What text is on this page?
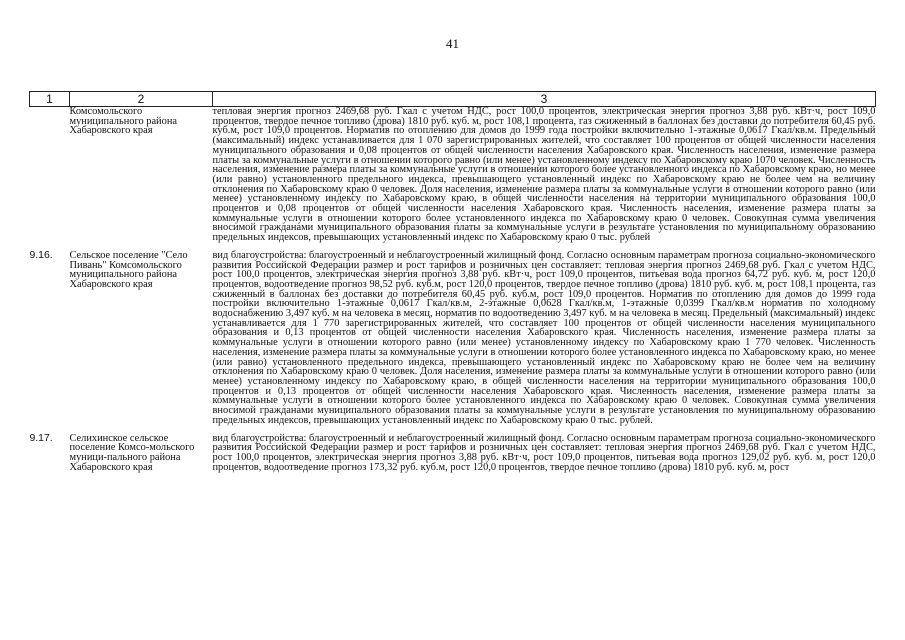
41
1	2	3
	Комсомольского муниципального района Хабаровского края	тепловая энергия прогноз 2469,68 руб. Гкал с учетом НДС, рост 100,0 процентов, электрическая энергия прогноз 3,88 руб. кВт·ч, рост 109,0 процентов, твердое печное топливо (дрова) 1810 руб. куб. м, рост 108,1 процента, газ сжиженный в баллонах без доставки до потребителя 60,45 руб. куб.м, рост 109,0 процентов. Норматив по отоплению для домов до 1999 года постройки включительно 1-этажные 0,0617 Гкал/кв.м. Предельный (максимальный) индекс устанавливается для 1 070 зарегистрированных жителей, что составляет 100 процентов от общей численности населения муниципального образования и 0,08 процентов от общей численности населения Хабаровского края. Численность населения, изменение размера платы за коммунальные услуги в отношении которого равно (или менее) установленному индексу по Хабаровскому краю 1070 человек. Численность населения, изменение размера платы за коммунальные услуги в отношении которого более установленного индекса по Хабаровскому краю, но менее (или равно) установленного предельного индекса, превышающего установленный индекс по Хабаровскому краю не более чем на величину отклонения по Хабаровскому краю 0 человек. Доля населения, изменение размера платы за коммунальные услуги в отношении которого равно (или менее) установленному индексу по Хабаровскому краю, в общей численности населения на территории муниципального образования 100,0 процентов и 0,08 процентов от общей численности населения Хабаровского края. Численность населения, изменение размера платы за коммунальные услуги в отношении которого более установленного индекса по Хабаровскому краю 0 человек. Совокупная сумма увеличения вносимой гражданами муниципального образования платы за коммунальные услуги в результате установления по муниципальному образованию предельных индексов, превышающих установленный индекс по Хабаровскому краю 0 тыс. рублей

9.16.	Сельское поселение "Село Пивань" Комсомольского муниципального района Хабаровского края	вид благоустройства: благоустроенный и неблагоустроенный жилищный фонд. Согласно основным параметрам прогноза социально-экономического развития Российской Федерации размер и рост тарифов и розничных цен составляет: тепловая энергия прогноз 2469,68 руб. Гкал с учетом НДС, рост 100,0 процентов, электрическая энергия прогноз 3,88 руб. кВт·ч, рост 109,0 процентов, питьевая вода прогноз 64,72 руб. куб. м, рост 120,0 процентов, водоотведение прогноз 98,52 руб. куб.м, рост 120,0 процентов, твердое печное топливо (дрова) 1810 руб. куб. м, рост 108,1 процента, газ сжиженный в баллонах без доставки до потребителя 60,45 руб. куб.м, рост 109,0 процентов. Норматив по отоплению для домов до 1999 года постройки включительно 1-этажные 0,0617 Гкал/кв.м, 2-этажные 0,0628 Гкал/кв.м, 1-этажные 0,0399 Гкал/кв.м норматив по холодному водоснабжению 3,497 куб. м на человека в месяц, норматив по водоотведению 3,497 куб. м на человека в месяц. Предельный (максимальный) индекс устанавливается для 1 770 зарегистрированных жителей, что составляет 100 процентов от общей численности населения муниципального образования и 0,13 процентов от общей численности населения Хабаровского края. Численность населения, изменение размера платы за коммунальные услуги в отношении которого равно (или менее) установленному индексу по Хабаровскому краю 1 770 человек. Численность населения, изменение размера платы за коммунальные услуги в отношении которого более установленного индекса по Хабаровскому краю, но менее (или равно) установленного предельного индекса, превышающего установленный индекс по Хабаровскому краю не более чем на величину отклонения по Хабаровскому краю 0 человек. Доля населения, изменение размера платы за коммунальные услуги в отношении которого равно (или менее) установленному индексу по Хабаровскому краю, в общей численности населения на территории муниципального образования 100,0 процентов и 0,13 процентов от общей численности населения Хабаровского края. Численность населения, изменение размера платы за коммунальные услуги в отношении которого более установленного индекса по Хабаровскому краю 0 человек. Совокупная сумма увеличения вносимой гражданами муниципального образования платы за коммунальные услуги в результате установления по муниципальному образованию предельных индексов, превышающих установленный индекс по Хабаровскому краю 0 тыс. рублей.

9.17.	Селихинское сельское поселение Комсо-мольского муници-пального района Хабаровского края	вид благоустройства: благоустроенный и неблагоустроенный жилищный фонд. Согласно основным параметрам прогноза социально-экономического развития Российской Федерации размер и рост тарифов и розничных цен составляет: тепловая энергия прогноз 2469,68 руб. Гкал с учетом НДС, рост 100,0 процентов, электрическая энергия прогноз 3,88 руб. кВт·ч, рост 109,0 процентов, питьевая вода прогноз 129,02 руб. куб. м, рост 120,0 процентов, водоотведение прогноз 173,32 руб. куб.м, рост 120,0 процентов, твердое печное топливо (дрова) 1810 руб. куб. м, рост
